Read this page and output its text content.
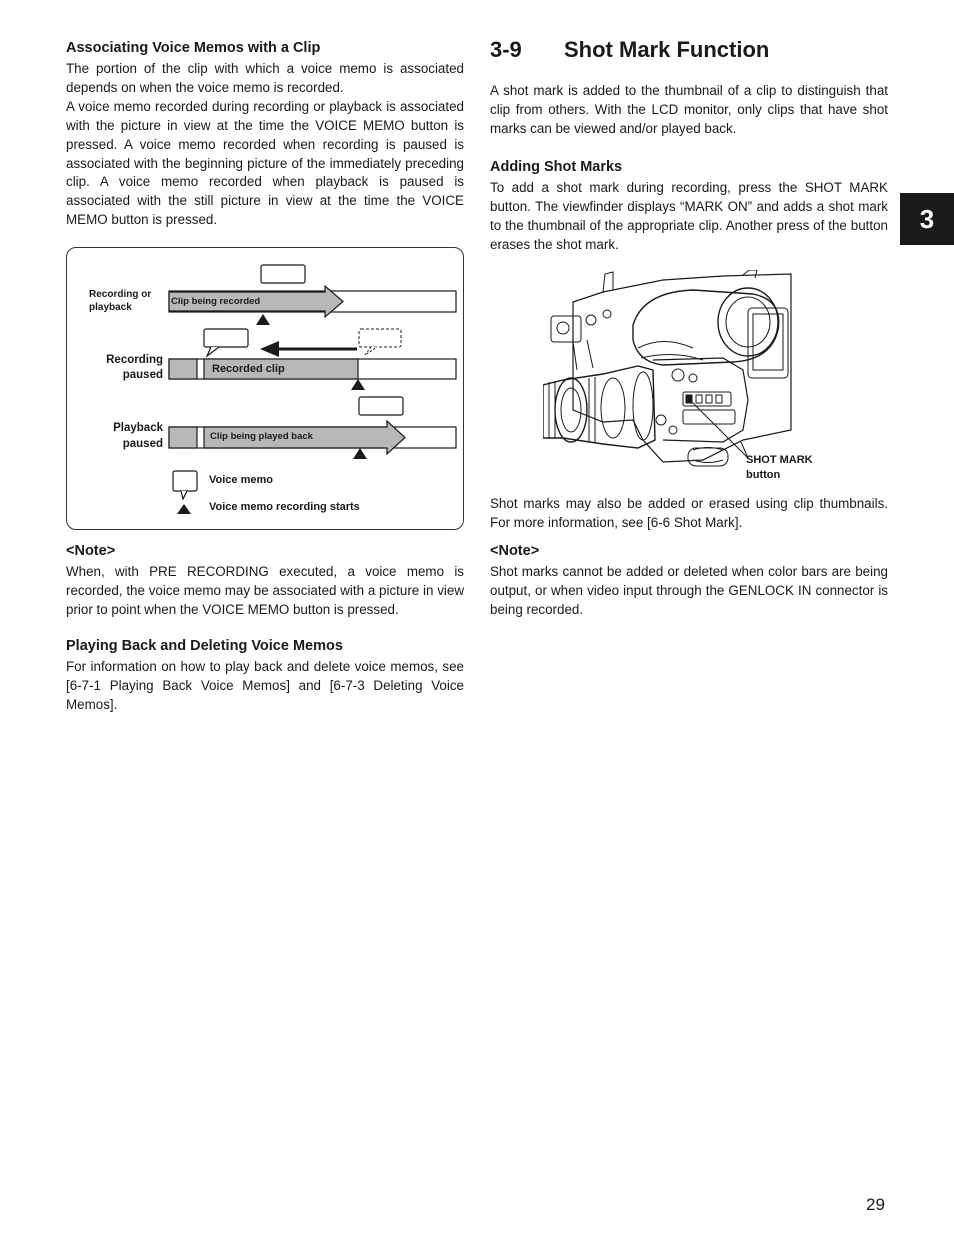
Associating Voice Memos with a Clip

The portion of the clip with which a voice memo is associated depends on when the voice memo is recorded.

A voice memo recorded during recording or playback is associated with the picture in view at the time the VOICE MEMO button is pressed. A voice memo recorded when recording is paused is associated with the beginning picture of the immediately preceding clip. A voice memo recorded when playback is paused is associated with the still picture in view at the time the VOICE MEMO button is pressed.

Recording or
playback
Clip being recorded
Recording
paused	Recorded clip
Playback
paused
Clip being played back
Voice memo
Voice memo recording starts
<Note>

When, with PRE RECORDING executed, a voice memo is recorded, the voice memo may be associated with a picture in view prior to point when the VOICE MEMO button is pressed.

Playing Back and Deleting Voice Memos

For information on how to play back and delete voice memos, see [6-7-1 Playing Back Voice Memos] and [6-7-3 Deleting Voice Memos].

3-9 Shot Mark Function

A shot mark is added to the thumbnail of a clip to distinguish that clip from others. With the LCD monitor, only clips that have shot marks can be viewed and/or played back.

Adding Shot Marks

To add a shot mark during recording, press the SHOT MARK button. The viewfinder displays “MARK ON” and adds a shot mark to the thumbnail of the appropriate clip. Another press of the button erases the shot mark.

SHOT MARK
button

Shot marks may also be added or erased using clip thumbnails. For more information, see [6-6 Shot Mark].

<Note>

Shot marks cannot be added or deleted when color bars are being output, or when video input through the GENLOCK IN connector is being recorded.

3
29
